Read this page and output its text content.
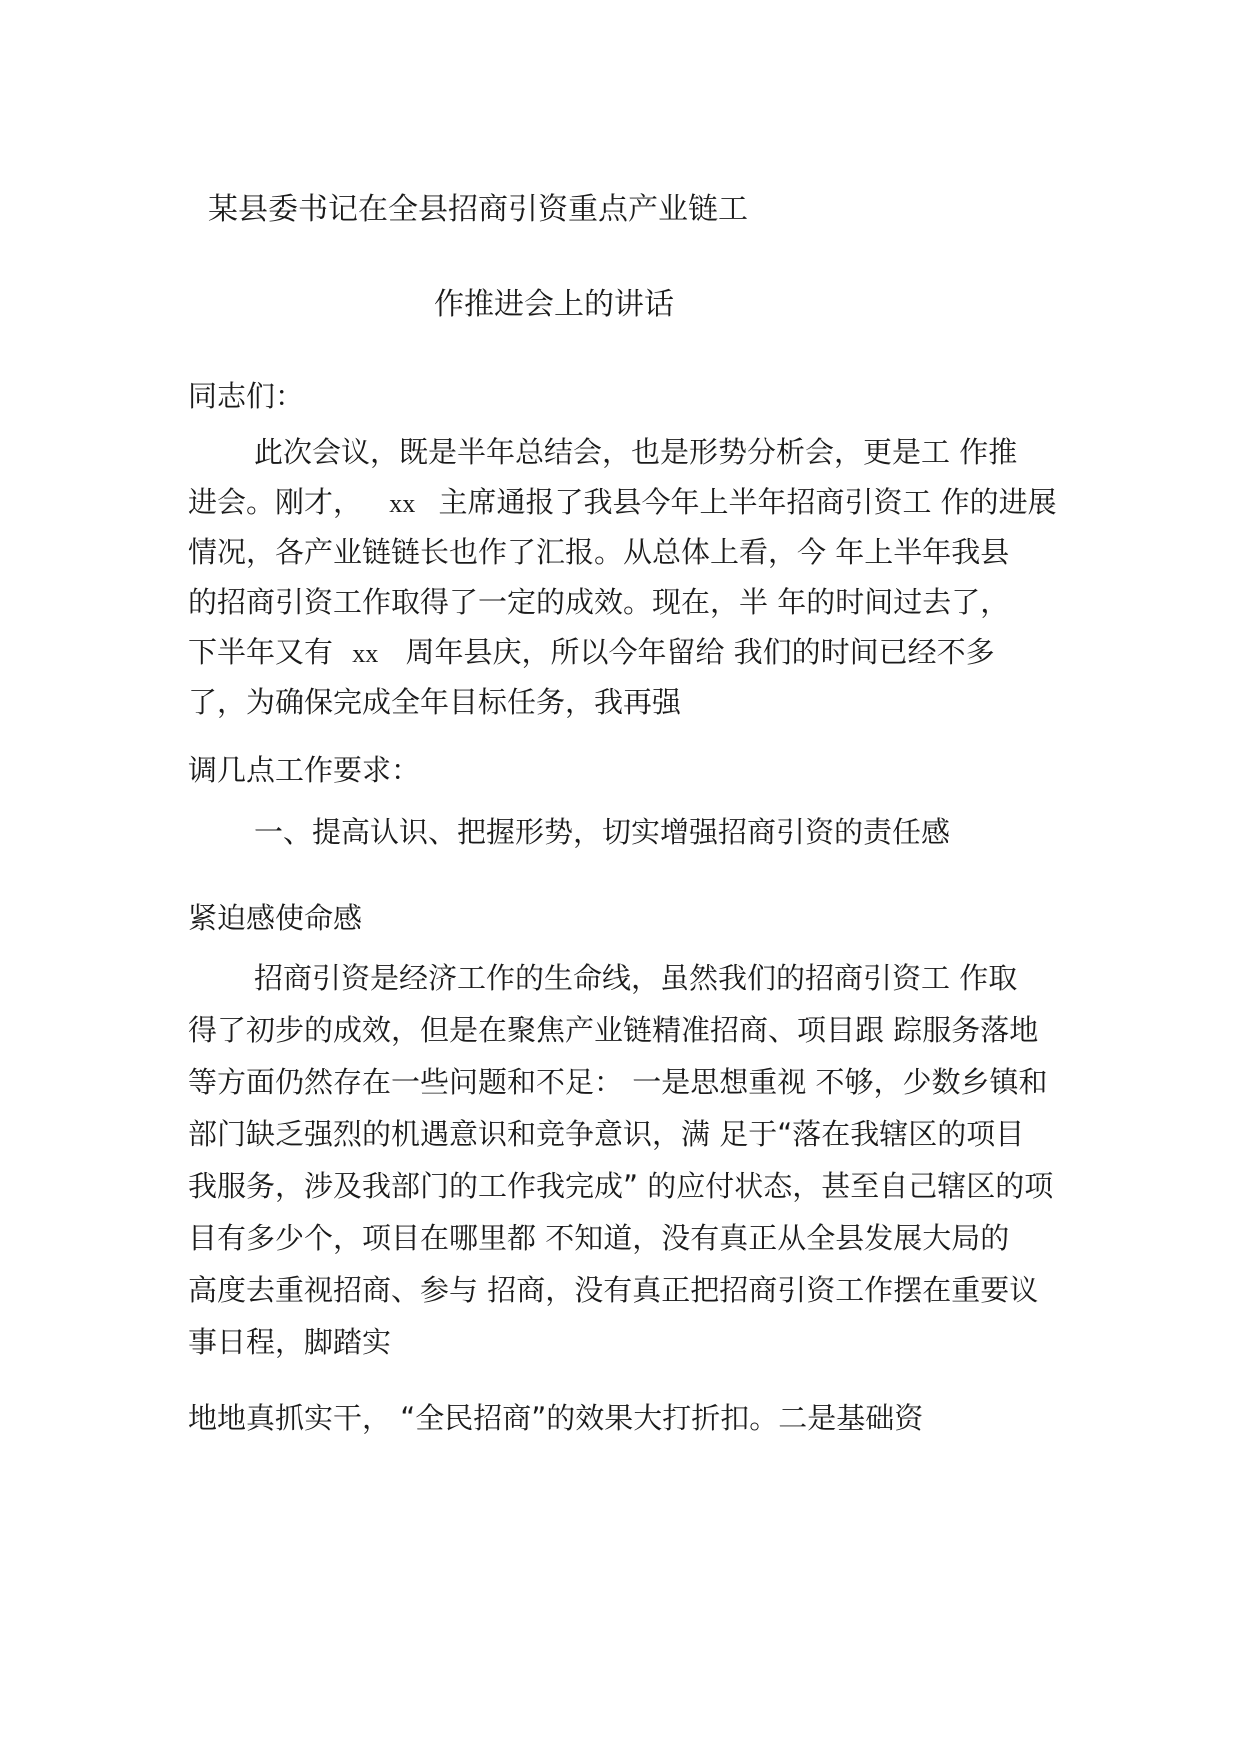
某县委书记在全县招商引资重点产业链工
作推进会上的讲话
同志们：
此次会议，既是半年总结会，也是形势分析会，更是工 作推
进会。刚才， xx 主席通报了我县今年上半年招商引资工 作的进展
情况，各产业链链长也作了汇报。从总体上看，今 年上半年我县
的招商引资工作取得了一定的成效。现在，半 年的时间过去了，
下半年又有 xx 周年县庆，所以今年留给 我们的时间已经不多
了，为确保完成全年目标任务，我再强
调几点工作要求：
一、提高认识、把握形势，切实增强招商引资的责任感
紧迫感使命感
招商引资是经济工作的生命线，虽然我们的招商引资工 作取
得了初步的成效，但是在聚焦产业链精准招商、项目跟 踪服务落地
等方面仍然存在一些问题和不足： 一是思想重视 不够，少数乡镇和
部门缺乏强烈的机遇意识和竞争意识，满 足于“落在我辖区的项目
我服务，涉及我部门的工作我完成” 的应付状态，甚至自己辖区的项
目有多少个，项目在哪里都 不知道，没有真正从全县发展大局的
高度去重视招商、参与 招商，没有真正把招商引资工作摆在重要议
事日程，脚踏实
地地真抓实干， “全民招商”的效果大打折扣。二是基础资
